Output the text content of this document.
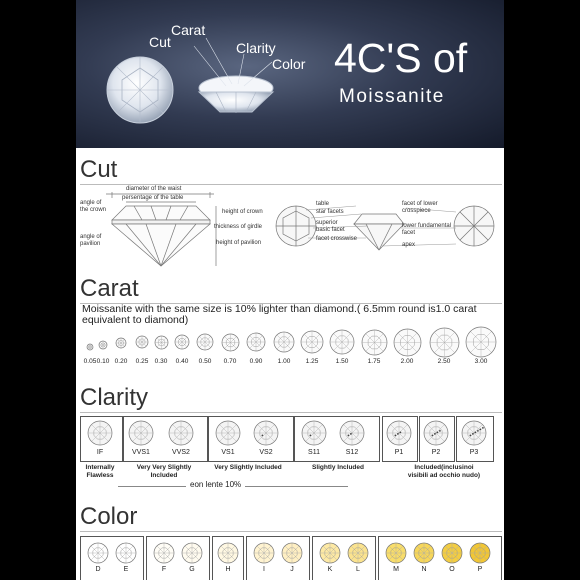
Cut
Carat
Clarity
Color 4C'S of
Moissanite
Cut
diameter of the waist
persentage of the table
angle of
the crown
angle of
pavilion
height of crown
thickness of girdle
height of pavilion
table
star facets
superior
basic facet
facet crosswise
facet of lower
crosspiece
lower fundamental
facet
apex
Carat
Moissanite with the same size is 10% lighter than diamond.( 6.5mm round is1.0 carat equivalent to diamond)
0.05 0.10 0.20	0.25 0.30	0.40	0.50	0.70	0.90	1.00	1.25	1.50	1.75	2.00	2.50	3.00
Clarity
IF	VVS1	VVS2	VS1	VS2	S11	S12	P1	P2	P3
Internally
Flawless
Very Very Slightly
Included
Very Slightly Included	Slightly Included	Included(inclusinoi
visibili ad occhio nudo)
eon lente 10%
Color
D	E	F	G	H	I	J	K	L	M	N	O	P
